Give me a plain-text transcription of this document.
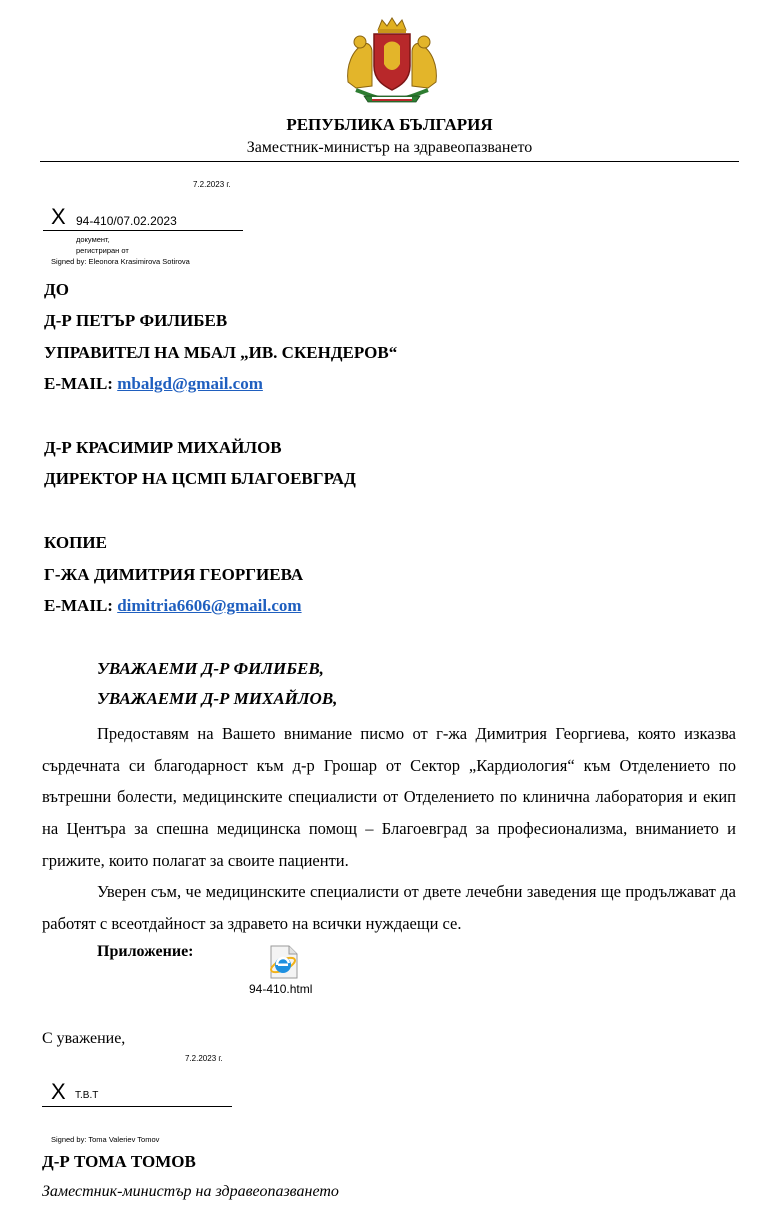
РЕПУБЛИКА БЪЛГАРИЯ
Заместник-министър на здравеопазването
7.2.2023 г.
X 94-410/07.02.2023
документ,
регистриран от
Signed by: Eleonora Krasimirova Sotirova
ДО
Д-Р ПЕТЪР ФИЛИБЕВ
УПРАВИТЕЛ НА МБАЛ „ИВ. СКЕНДЕРОВ“
E-MAIL: mbalgd@gmail.com
Д-Р КРАСИМИР МИХАЙЛОВ
ДИРЕКТОР НА ЦСМП БЛАГОЕВГРАД
КОПИЕ
Г-ЖА ДИМИТРИЯ ГЕОРГИЕВА
E-MAIL: dimitria6606@gmail.com
УВАЖАЕМИ Д-Р ФИЛИБЕВ,
УВАЖАЕМИ Д-Р МИХАЙЛОВ,
Предоставям на Вашето внимание писмо от г-жа Димитрия Георгиева, която изказва сърдечната си благодарност към д-р Грошар от Сектор „Кардиология“ към Отделението по вътрешни болести, медицинските специалисти от Отделението по клинична лаборатория и екип на Центъра за спешна медицинска помощ – Благоевград за професионализма, вниманието и грижите, които полагат за своите пациенти.
Уверен съм, че медицинските специалисти от двете лечебни заведения ще продължават да работят с всеотдайност за здравето на всички нуждаещи се.
Приложение:
94-410.html
С уважение,
7.2.2023 г.
X Т.В.Т
Signed by: Toma Valeriev Tomov
Д-Р ТОМА ТОМОВ
Заместник-министър на здравеопазването
